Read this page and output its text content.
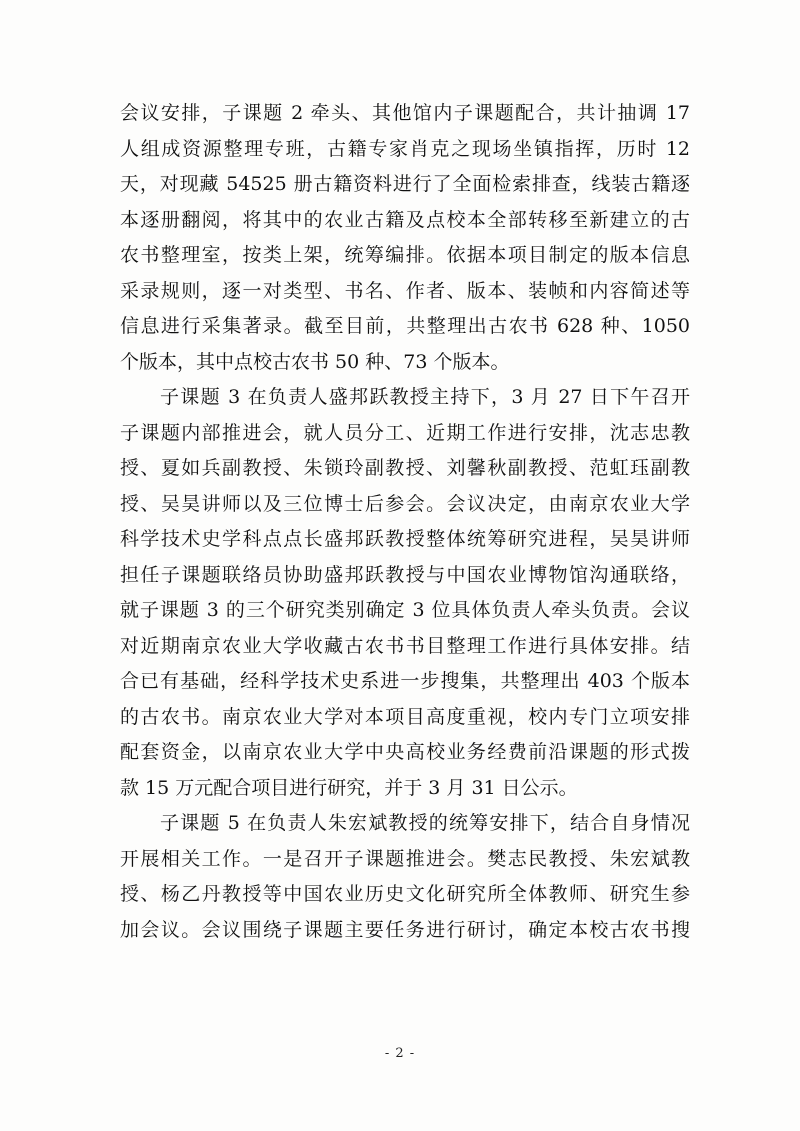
会议安排，子课题 2 牵头、其他馆内子课题配合，共计抽调 17
人组成资源整理专班，古籍专家肖克之现场坐镇指挥，历时 12
天，对现藏 54525 册古籍资料进行了全面检索排查，线装古籍逐
本逐册翻阅，将其中的农业古籍及点校本全部转移至新建立的古
农书整理室，按类上架，统筹编排。依据本项目制定的版本信息
采录规则，逐一对类型、书名、作者、版本、装帧和内容简述等
信息进行采集著录。截至目前，共整理出古农书 628 种、1050
个版本，其中点校古农书 50 种、73 个版本。
子课题 3 在负责人盛邦跃教授主持下，3 月 27 日下午召开
子课题内部推进会，就人员分工、近期工作进行安排，沈志忠教
授、夏如兵副教授、朱锁玲副教授、刘馨秋副教授、范虹珏副教
授、吴昊讲师以及三位博士后参会。会议决定，由南京农业大学
科学技术史学科点点长盛邦跃教授整体统筹研究进程，吴昊讲师
担任子课题联络员协助盛邦跃教授与中国农业博物馆沟通联络，
就子课题 3 的三个研究类别确定 3 位具体负责人牵头负责。会议
对近期南京农业大学收藏古农书书目整理工作进行具体安排。结
合已有基础，经科学技术史系进一步搜集，共整理出 403 个版本
的古农书。南京农业大学对本项目高度重视，校内专门立项安排
配套资金，以南京农业大学中央高校业务经费前沿课题的形式拨
款 15 万元配合项目进行研究，并于 3 月 31 日公示。
子课题 5 在负责人朱宏斌教授的统筹安排下，结合自身情况
开展相关工作。一是召开子课题推进会。樊志民教授、朱宏斌教
授、杨乙丹教授等中国农业历史文化研究所全体教师、研究生参
加会议。会议围绕子课题主要任务进行研讨，确定本校古农书搜
- 2 -
